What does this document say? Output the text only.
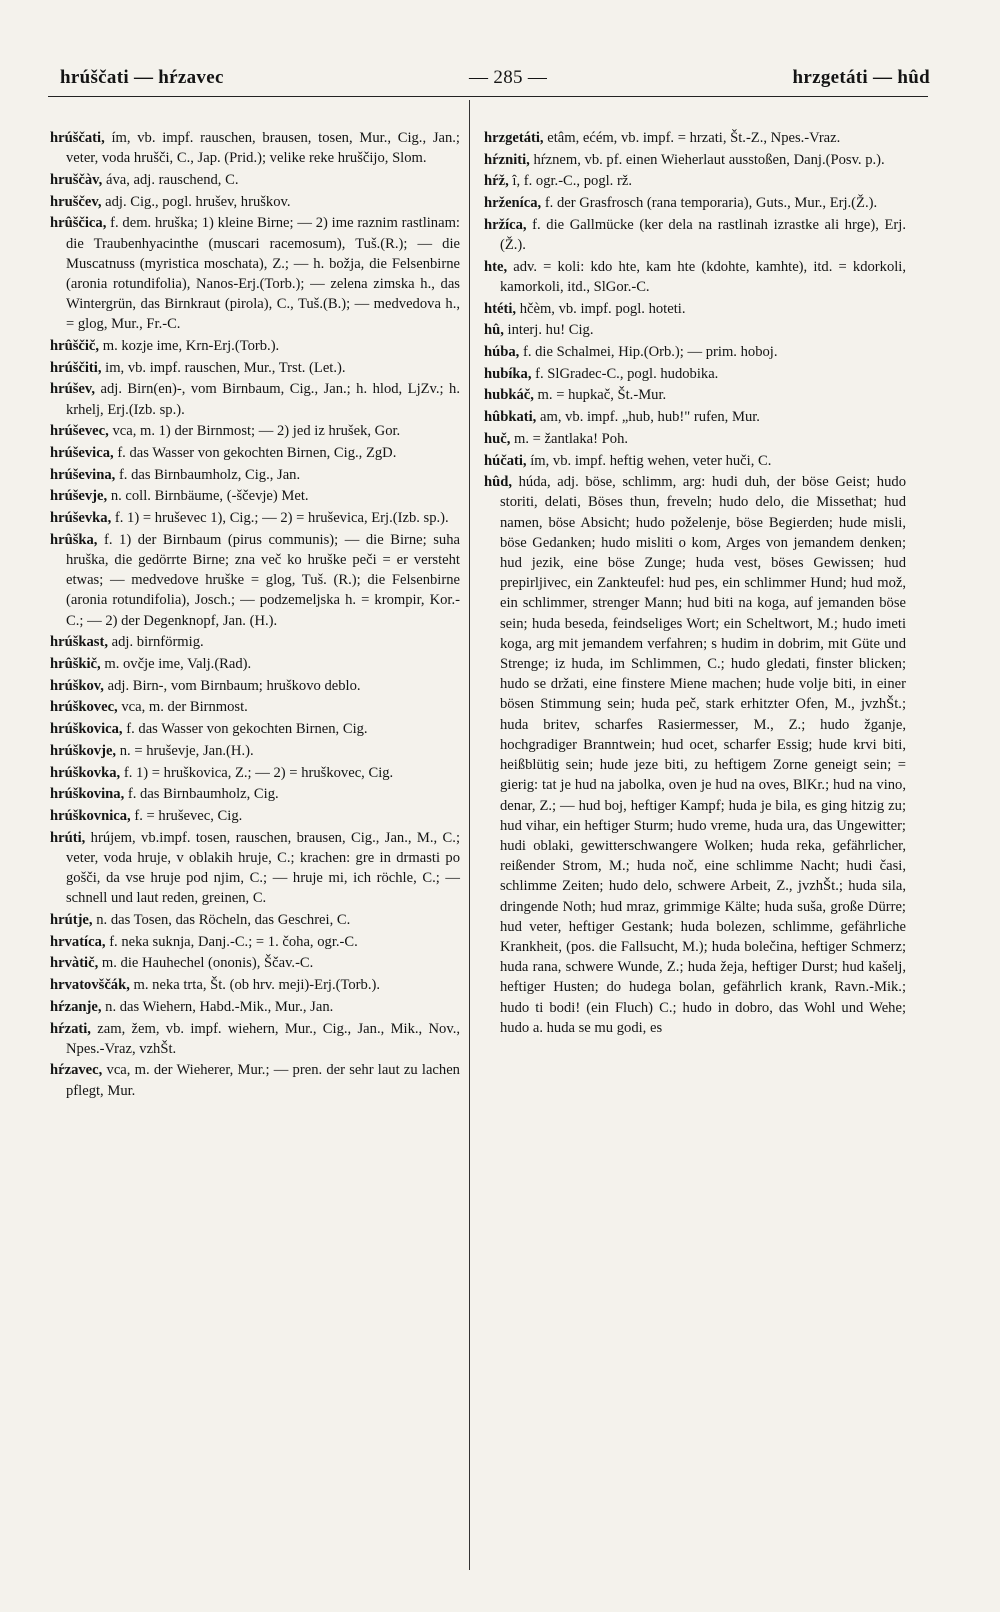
hrúščati — hŕzavec	— 285 —	hrzgetáti — hûd
hrúščati, ím, vb. impf. rauschen, brausen, tosen, Mur., Cig., Jan.; veter, voda hrušči, C., Jap. (Prid.); velike reke hruščijo, Slom.
hruščàv, áva, adj. rauschend, C.
hruščev, adj. Cig., pogl. hrušev, hruškov.
hrûščica, f. dem. hruška; 1) kleine Birne; — 2) ime raznim rastlinam: die Traubenhyacinthe (muscari racemosum), Tuš.(R.); — die Muscatnuss (myristica moschata), Z.; — h. božja, die Felsenbirne (aronia rotundifolia), Nanos-Erj.(Torb.); — zelena zimska h., das Wintergrün, das Birnkraut (pirola), C., Tuš.(B.); — medvedova h., = glog, Mur., Fr.-C.
hrûščič, m. kozje ime, Krn-Erj.(Torb.).
hrúščiti, im, vb. impf. rauschen, Mur., Trst. (Let.).
hrúšev, adj. Birn(en)-, vom Birnbaum, Cig., Jan.; h. hlod, LjZv.; h. krhelj, Erj.(Izb. sp.).
hrúševec, vca, m. 1) der Birnmost; — 2) jed iz hrušek, Gor.
hrúševica, f. das Wasser von gekochten Birnen, Cig., ZgD.
hrúševina, f. das Birnbaumholz, Cig., Jan.
hrúševje, n. coll. Birnbäume, (-ščevje) Met.
hrúševka, f. 1) = hruševec 1), Cig.; — 2) = hruševica, Erj.(Izb. sp.).
hrûška, f. 1) der Birnbaum (pirus communis); — die Birne; suha hruška, die gedörrte Birne; zna več ko hruške peči = er versteht etwas; — medvedove hruške = glog, Tuš. (R.); die Felsenbirne (aronia rotundifolia), Josch.; — podzemeljska h. = krompir, Kor.-C.; — 2) der Degenknopf, Jan. (H.).
hrúškast, adj. birnförmig.
hrûškič, m. ovčje ime, Valj.(Rad).
hrúškov, adj. Birn-, vom Birnbaum; hruškovo deblo.
hrúškovec, vca, m. der Birnmost.
hrúškovica, f. das Wasser von gekochten Birnen, Cig.
hrúškovje, n. = hruševje, Jan.(H.).
hrúškovka, f. 1) = hruškovica, Z.; — 2) = hruškovec, Cig.
hrúškovina, f. das Birnbaumholz, Cig.
hrúškovnica, f. = hruševec, Cig.
hrúti, hrújem, vb.impf. tosen, rauschen, brausen, Cig., Jan., M., C.; veter, voda hruje, v oblakih hruje, C.; krachen: gre in drmasti po gošči, da vse hruje pod njim, C.; — hruje mi, ich röchle, C.; — schnell und laut reden, greinen, C.
hrútje, n. das Tosen, das Röcheln, das Geschrei, C.
hrvatíca, f. neka suknja, Danj.-C.; = 1. čoha, ogr.-C.
hrvàtič, m. die Hauhechel (ononis), Ščav.-C.
hrvatovščák, m. neka trta, Št. (ob hrv. meji)-Erj.(Torb.).
hŕzanje, n. das Wiehern, Habd.-Mik., Mur., Jan.
hŕzati, zam, žem, vb. impf. wiehern, Mur., Cig., Jan., Mik., Nov., Npes.-Vraz, vzhŠt.
hŕzavec, vca, m. der Wieherer, Mur.; — pren. der sehr laut zu lachen pflegt, Mur.
hrzgetáti, etâm, ećém, vb. impf. = hrzati, Št.-Z., Npes.-Vraz.
hŕzniti, hŕznem, vb. pf. einen Wieherlaut ausstoßen, Danj.(Posv. p.).
hŕž, î, f. ogr.-C., pogl. rž.
hrženíca, f. der Grasfrosch (rana temporaria), Guts., Mur., Erj.(Ž.).
hržíca, f. die Gallmücke (ker dela na rastlinah izrastke ali hrge), Erj.(Ž.).
hte, adv. = koli: kdo hte, kam hte (kdohte, kamhte), itd. = kdorkoli, kamorkoli, itd., SlGor.-C.
htéti, hčèm, vb. impf. pogl. hoteti.
hû, interj. hu! Cig.
húba, f. die Schalmei, Hip.(Orb.); — prim. hoboj.
hubíka, f. SlGradec-C., pogl. hudobika.
hubkáč, m. = hupkač, Št.-Mur.
hûbkati, am, vb. impf. „hub, hub!" rufen, Mur.
huč, m. = žantlaka! Poh.
húčati, ím, vb. impf. heftig wehen, veter huči, C.
hûd, húda, adj. böse, schlimm, arg: hudi duh, der böse Geist; hudo storiti, delati, Böses thun, freveln; hudo delo, die Missethat; hud namen, böse Absicht; hudo poželenje, böse Begierden; hude misli, böse Gedanken; hudo misliti o kom, Arges von jemandem denken; hud jezik, eine böse Zunge; huda vest, böses Gewissen; hud prepirljivec, ein Zankteufel: hud pes, ein schlimmer Hund; hud mož, ein schlimmer, strenger Mann; hud biti na koga, auf jemanden böse sein; huda beseda, feindseliges Wort; ein Scheltwort, M.; hudo imeti koga, arg mit jemandem verfahren; s hudim in dobrim, mit Güte und Strenge; iz huda, im Schlimmen, C.; hudo gledati, finster blicken; hudo se držati, eine finstere Miene machen; hude volje biti, in einer bösen Stimmung sein; huda peč, stark erhitzter Ofen, M., jvzhŠt.; huda britev, scharfes Rasiermesser, M., Z.; hudo žganje, hochgradiger Branntwein; hud ocet, scharfer Essig; hude krvi biti, heißblütig sein; hude jeze biti, zu heftigem Zorne geneigt sein; = gierig: tat je hud na jabolka, oven je hud na oves, BlKr.; hud na vino, denar, Z.; — hud boj, heftiger Kampf; huda je bila, es ging hitzig zu; hud vihar, ein heftiger Sturm; hudo vreme, huda ura, das Ungewitter; hudi oblaki, gewitterschwangere Wolken; huda reka, gefährlicher, reißender Strom, M.; huda noč, eine schlimme Nacht; hudi časi, schlimme Zeiten; hudo delo, schwere Arbeit, Z., jvzhŠt.; huda sila, dringende Noth; hud mraz, grimmige Kälte; huda suša, große Dürre; hud veter, heftiger Gestank; huda bolezen, schlimme, gefährliche Krankheit, (pos. die Fallsucht, M.); huda bolečina, heftiger Schmerz; huda rana, schwere Wunde, Z.; huda žeja, heftiger Durst; hud kašelj, heftiger Husten; do hudega bolan, gefährlich krank, Ravn.-Mik.; hudo ti bodi! (ein Fluch) C.; hudo in dobro, das Wohl und Wehe; hudo a. huda se mu godi, es
